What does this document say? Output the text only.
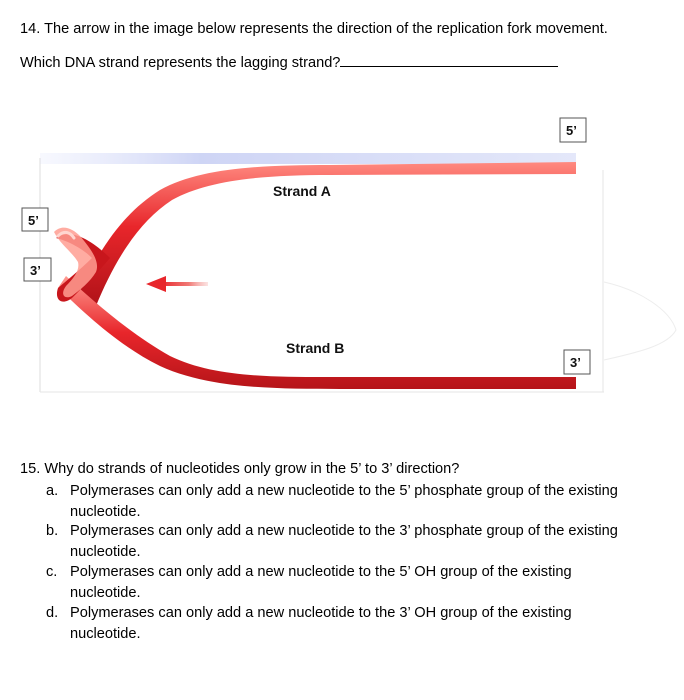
14. The arrow in the image below represents the direction of the replication fork movement.
Which DNA strand represents the lagging strand?
5’
5’
3’
3’
Strand A
Strand B
15. Why do strands of nucleotides only grow in the 5’ to 3’ direction?
a. Polymerases can only add a new nucleotide to the 5’ phosphate group of the existing
nucleotide.
b. Polymerases can only add a new nucleotide to the 3’ phosphate group of the existing
nucleotide.
c. Polymerases can only add a new nucleotide to the 5’ OH group of the existing
nucleotide.
d. Polymerases can only add a new nucleotide to the 3’ OH group of the existing
nucleotide.
